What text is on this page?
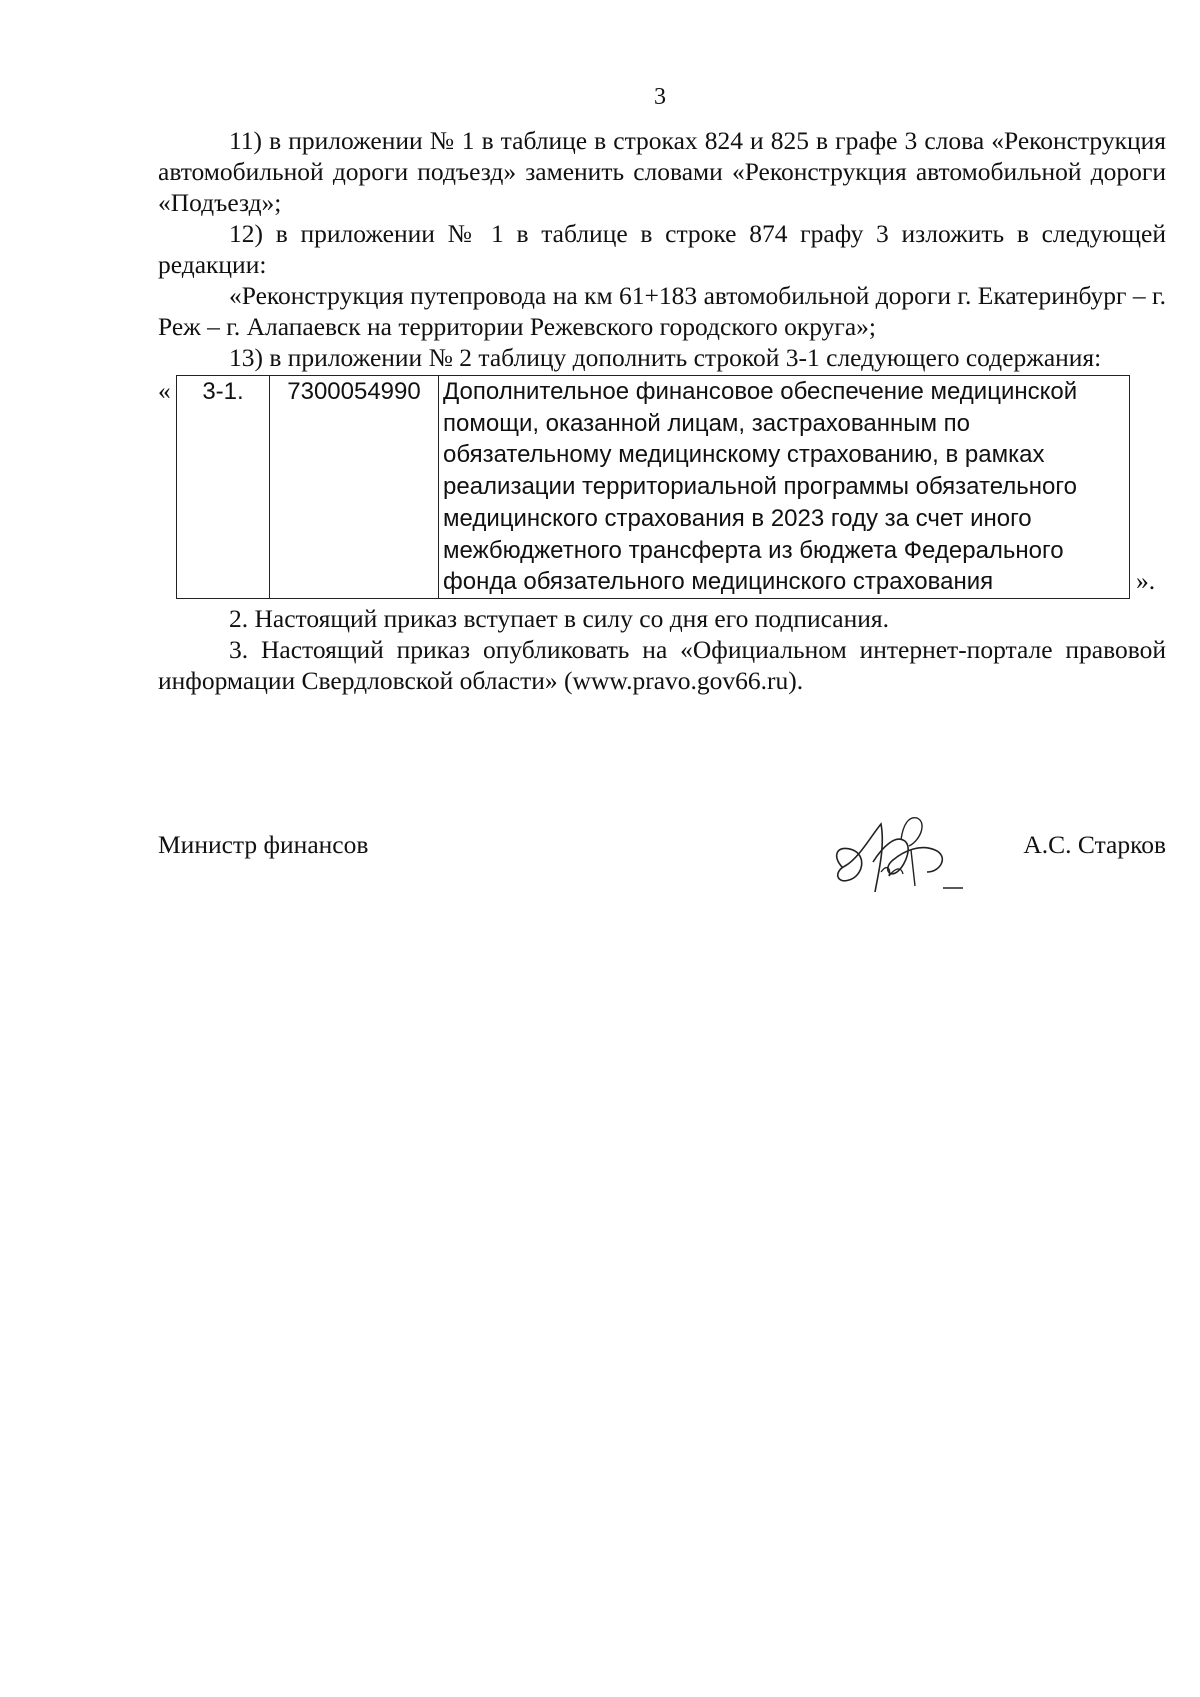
3

11) в приложении № 1 в таблице в строках 824 и 825 в графе 3 слова «Реконструкция автомобильной дороги подъезд» заменить словами «Реконструкция автомобильной дороги «Подъезд»;

12) в приложении № 1 в таблице в строке 874 графу 3 изложить в следующей редакции:

«Реконструкция путепровода на км 61+183 автомобильной дороги г. Екатеринбург – г. Реж – г. Алапаевск на территории Режевского городского округа»;

13) в приложении № 2 таблицу дополнить строкой 3-1 следующего содержания:

« 3-1.	7300054990	Дополнительное финансовое обеспечение медицинской помощи, оказанной лицам, застрахованным по обязательному медицинскому страхованию, в рамках реализации территориальной программы обязательного медицинского страхования в 2023 году за счет иного межбюджетного трансферта из бюджета Федерального фонда обязательного медицинского страхования	».

2. Настоящий приказ вступает в силу со дня его подписания.

3. Настоящий приказ опубликовать на «Официальном интернет-портале правовой информации Свердловской области» (www.pravo.gov66.ru).

Министр финансов	А.С. Старков
